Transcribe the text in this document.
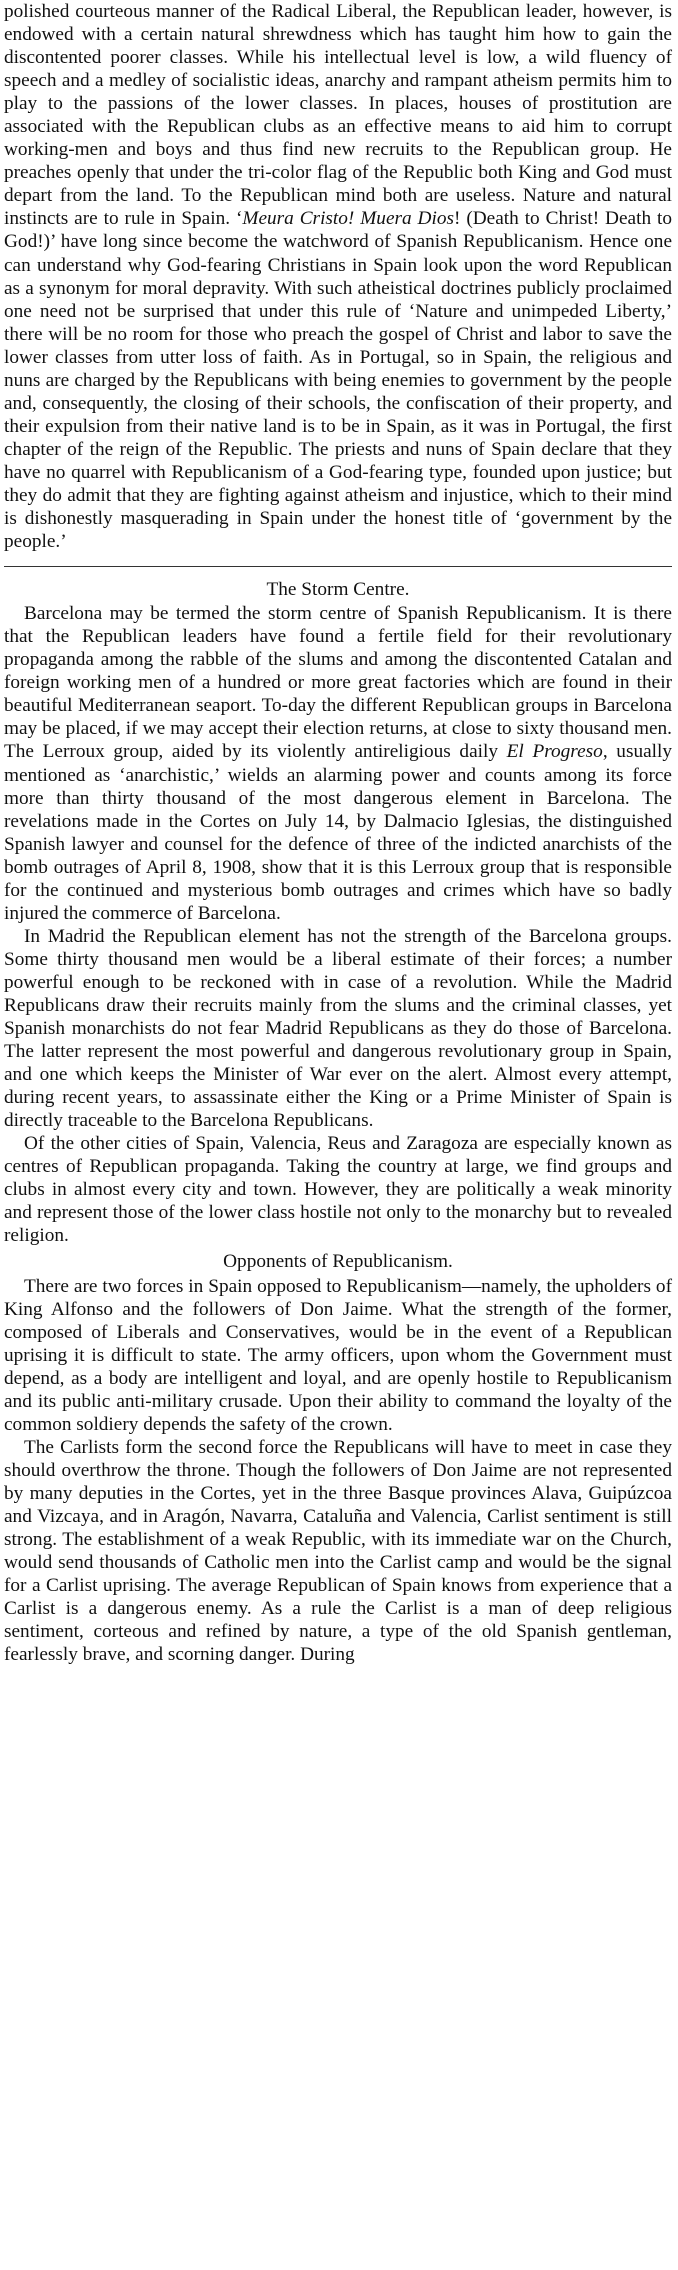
polished courteous manner of the Radical Liberal, the Republican leader, however, is endowed with a certain natural shrewdness which has taught him how to gain the discontented poorer classes. While his intellectual level is low, a wild fluency of speech and a medley of socialistic ideas, anarchy and rampant atheism permits him to play to the passions of the lower classes. In places, houses of prostitution are associated with the Republican clubs as an effective means to aid him to corrupt working-men and boys and thus find new recruits to the Republican group. He preaches openly that under the tri-color flag of the Republic both King and God must depart from the land. To the Republican mind both are useless. Nature and natural instincts are to rule in Spain. ‘Meura Cristo! Muera Dios! (Death to Christ! Death to God!)’ have long since become the watchword of Spanish Republicanism. Hence one can understand why God-fearing Christians in Spain look upon the word Republican as a synonym for moral depravity. With such atheistical doctrines publicly proclaimed one need not be surprised that under this rule of ‘Nature and unimpeded Liberty,’ there will be no room for those who preach the gospel of Christ and labor to save the lower classes from utter loss of faith. As in Portugal, so in Spain, the religious and nuns are charged by the Republicans with being enemies to government by the people and, consequently, the closing of their schools, the confiscation of their property, and their expulsion from their native land is to be in Spain, as it was in Portugal, the first chapter of the reign of the Republic. The priests and nuns of Spain declare that they have no quarrel with Republicanism of a God-fearing type, founded upon justice; but they do admit that they are fighting against atheism and injustice, which to their mind is dishonestly masquerading in Spain under the honest title of ‘government by the people.’

The Storm Centre.

Barcelona may be termed the storm centre of Spanish Republicanism. It is there that the Republican leaders have found a fertile field for their revolutionary propaganda among the rabble of the slums and among the discontented Catalan and foreign working men of a hundred or more great factories which are found in their beautiful Mediterranean seaport. To-day the different Republican groups in Barcelona may be placed, if we may accept their election returns, at close to sixty thousand men. The Lerroux group, aided by its violently antireligious daily El Progreso, usually mentioned as ‘anarchistic,’ wields an alarming power and counts among its force more than thirty thousand of the most dangerous element in Barcelona. The revelations made in the Cortes on July 14, by Dalmacio Iglesias, the distinguished Spanish lawyer and counsel for the defence of three of the indicted anarchists of the bomb outrages of April 8, 1908, show that it is this Lerroux group that is responsible for the continued and mysterious bomb outrages and crimes which have so badly injured the commerce of Barcelona.

In Madrid the Republican element has not the strength of the Barcelona groups. Some thirty thousand men would be a liberal estimate of their forces; a number powerful enough to be reckoned with in case of a revolution. While the Madrid Republicans draw their recruits mainly from the slums and the criminal classes, yet Spanish monarchists do not fear Madrid Republicans as they do those of Barcelona. The latter represent the most powerful and dangerous revolutionary group in Spain, and one which keeps the Minister of War ever on the alert. Almost every attempt, during recent years, to assassinate either the King or a Prime Minister of Spain is directly traceable to the Barcelona Republicans.

Of the other cities of Spain, Valencia, Reus and Zaragoza are especially known as centres of Republican propaganda. Taking the country at large, we find groups and clubs in almost every city and town. However, they are politically a weak minority and represent those of the lower class hostile not only to the monarchy but to revealed religion.

Opponents of Republicanism.

There are two forces in Spain opposed to Republicanism—namely, the upholders of King Alfonso and the followers of Don Jaime. What the strength of the former, composed of Liberals and Conservatives, would be in the event of a Republican uprising it is difficult to state. The army officers, upon whom the Government must depend, as a body are intelligent and loyal, and are openly hostile to Republicanism and its public anti-military crusade. Upon their ability to command the loyalty of the common soldiery depends the safety of the crown.

The Carlists form the second force the Republicans will have to meet in case they should overthrow the throne. Though the followers of Don Jaime are not represented by many deputies in the Cortes, yet in the three Basque provinces Alava, Guipúzcoa and Vizcaya, and in Aragón, Navarra, Cataluña and Valencia, Carlist sentiment is still strong. The establishment of a weak Republic, with its immediate war on the Church, would send thousands of Catholic men into the Carlist camp and would be the signal for a Carlist uprising. The average Republican of Spain knows from experience that a Carlist is a dangerous enemy. As a rule the Carlist is a man of deep religious sentiment, corteous and refined by nature, a type of the old Spanish gentleman, fearlessly brave, and scorning danger. During
